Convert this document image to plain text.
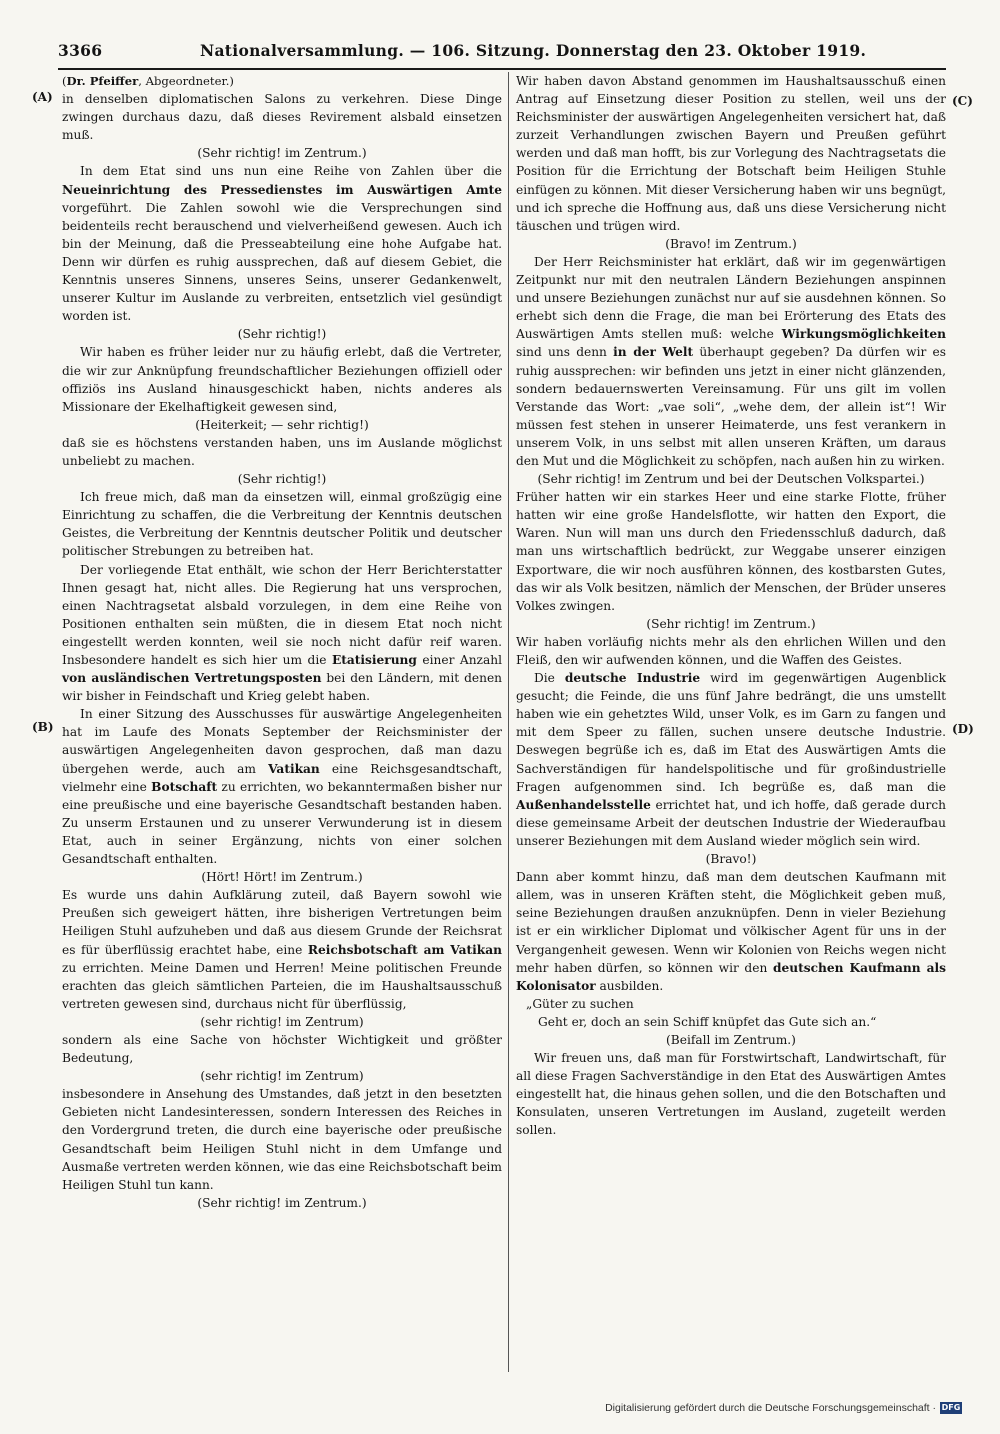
3366	Nationalversammlung. — 106. Sitzung. Donnerstag den 23. Oktober 1919.
(A)
(B)
(C)
(D)

(Dr. Pfeiffer, Abgeordneter.)

in denselben diplomatischen Salons zu verkehren. Diese Dinge zwingen durchaus dazu, daß dieses Revirement alsbald einsetzen muß.

(Sehr richtig! im Zentrum.)

In dem Etat sind uns nun eine Reihe von Zahlen über die Neueinrichtung des Pressedienstes im Auswärtigen Amte vorgeführt. Die Zahlen sowohl wie die Versprechungen sind beidenteils recht berauschend und vielverheißend gewesen. Auch ich bin der Meinung, daß die Presseabteilung eine hohe Aufgabe hat. Denn wir dürfen es ruhig aussprechen, daß auf diesem Gebiet, die Kenntnis unseres Sinnens, unseres Seins, unserer Gedankenwelt, unserer Kultur im Auslande zu verbreiten, entsetzlich viel gesündigt worden ist.

(Sehr richtig!)

Wir haben es früher leider nur zu häufig erlebt, daß die Vertreter, die wir zur Anknüpfung freundschaftlicher Beziehungen offiziell oder offiziös ins Ausland hinausgeschickt haben, nichts anderes als Missionare der Ekelhaftigkeit gewesen sind,

(Heiterkeit; — sehr richtig!)

daß sie es höchstens verstanden haben, uns im Auslande möglichst unbeliebt zu machen.

(Sehr richtig!)

Ich freue mich, daß man da einsetzen will, einmal großzügig eine Einrichtung zu schaffen, die die Verbreitung der Kenntnis deutschen Geistes, die Verbreitung der Kenntnis deutscher Politik und deutscher politischer Strebungen zu betreiben hat.

Der vorliegende Etat enthält, wie schon der Herr Berichterstatter Ihnen gesagt hat, nicht alles. Die Regierung hat uns versprochen, einen Nachtragsetat alsbald vorzulegen, in dem eine Reihe von Positionen enthalten sein müßten, die in diesem Etat noch nicht eingestellt werden konnten, weil sie noch nicht dafür reif waren. Insbesondere handelt es sich hier um die Etatisierung einer Anzahl von ausländischen Vertretungsposten bei den Ländern, mit denen wir bisher in Feindschaft und Krieg gelebt haben.

In einer Sitzung des Ausschusses für auswärtige Angelegenheiten hat im Laufe des Monats September der Reichsminister der auswärtigen Angelegenheiten davon gesprochen, daß man dazu übergehen werde, auch am Vatikan eine Reichsgesandtschaft, vielmehr eine Botschaft zu errichten, wo bekanntermaßen bisher nur eine preußische und eine bayerische Gesandtschaft bestanden haben. Zu unserm Erstaunen und zu unserer Verwunderung ist in diesem Etat, auch in seiner Ergänzung, nichts von einer solchen Gesandtschaft enthalten.

(Hört! Hört! im Zentrum.)

Es wurde uns dahin Aufklärung zuteil, daß Bayern sowohl wie Preußen sich geweigert hätten, ihre bisherigen Vertretungen beim Heiligen Stuhl aufzuheben und daß aus diesem Grunde der Reichsrat es für überflüssig erachtet habe, eine Reichsbotschaft am Vatikan zu errichten. Meine Damen und Herren! Meine politischen Freunde erachten das gleich sämtlichen Parteien, die im Haushaltsausschuß vertreten gewesen sind, durchaus nicht für überflüssig,

(sehr richtig! im Zentrum)

sondern als eine Sache von höchster Wichtigkeit und größter Bedeutung,

(sehr richtig! im Zentrum)

insbesondere in Ansehung des Umstandes, daß jetzt in den besetzten Gebieten nicht Landesinteressen, sondern Interessen des Reiches in den Vordergrund treten, die durch eine bayerische oder preußische Gesandtschaft beim Heiligen Stuhl nicht in dem Umfange und Ausmaße vertreten werden können, wie das eine Reichsbotschaft beim Heiligen Stuhl tun kann.

(Sehr richtig! im Zentrum.)

Wir haben davon Abstand genommen im Haushaltsausschuß einen Antrag auf Einsetzung dieser Position zu stellen, weil uns der Reichsminister der auswärtigen Angelegenheiten versichert hat, daß zurzeit Verhandlungen zwischen Bayern und Preußen geführt werden und daß man hofft, bis zur Vorlegung des Nachtragsetats die Position für die Errichtung der Botschaft beim Heiligen Stuhle einfügen zu können. Mit dieser Versicherung haben wir uns begnügt, und ich spreche die Hoffnung aus, daß uns diese Versicherung nicht täuschen und trügen wird.

(Bravo! im Zentrum.)

Der Herr Reichsminister hat erklärt, daß wir im gegenwärtigen Zeitpunkt nur mit den neutralen Ländern Beziehungen anspinnen und unsere Beziehungen zunächst nur auf sie ausdehnen können. So erhebt sich denn die Frage, die man bei Erörterung des Etats des Auswärtigen Amts stellen muß: welche Wirkungsmöglichkeiten sind uns denn in der Welt überhaupt gegeben? Da dürfen wir es ruhig aussprechen: wir befinden uns jetzt in einer nicht glänzenden, sondern bedauernswerten Vereinsamung. Für uns gilt im vollen Verstande das Wort: „vae soli“, „wehe dem, der allein ist“! Wir müssen fest stehen in unserer Heimaterde, uns fest verankern in unserem Volk, in uns selbst mit allen unseren Kräften, um daraus den Mut und die Möglichkeit zu schöpfen, nach außen hin zu wirken.

(Sehr richtig! im Zentrum und bei der Deutschen Volkspartei.)

Früher hatten wir ein starkes Heer und eine starke Flotte, früher hatten wir eine große Handelsflotte, wir hatten den Export, die Waren. Nun will man uns durch den Friedensschluß dadurch, daß man uns wirtschaftlich bedrückt, zur Weggabe unserer einzigen Exportware, die wir noch ausführen können, des kostbarsten Gutes, das wir als Volk besitzen, nämlich der Menschen, der Brüder unseres Volkes zwingen.

(Sehr richtig! im Zentrum.)

Wir haben vorläufig nichts mehr als den ehrlichen Willen und den Fleiß, den wir aufwenden können, und die Waffen des Geistes.

Die deutsche Industrie wird im gegenwärtigen Augenblick gesucht; die Feinde, die uns fünf Jahre bedrängt, die uns umstellt haben wie ein gehetztes Wild, unser Volk, es im Garn zu fangen und mit dem Speer zu fällen, suchen unsere deutsche Industrie. Deswegen begrüße ich es, daß im Etat des Auswärtigen Amts die Sachverständigen für handelspolitische und für großindustrielle Fragen aufgenommen sind. Ich begrüße es, daß man die Außenhandelsstelle errichtet hat, und ich hoffe, daß gerade durch diese gemeinsame Arbeit der deutschen Industrie der Wiederaufbau unserer Beziehungen mit dem Ausland wieder möglich sein wird.

(Bravo!)

Dann aber kommt hinzu, daß man dem deutschen Kaufmann mit allem, was in unseren Kräften steht, die Möglichkeit geben muß, seine Beziehungen draußen anzuknüpfen. Denn in vieler Beziehung ist er ein wirklicher Diplomat und völkischer Agent für uns in der Vergangenheit gewesen. Wenn wir Kolonien von Reichs wegen nicht mehr haben dürfen, so können wir den deutschen Kaufmann als Kolonisator ausbilden.

„Güter zu suchen

Geht er, doch an sein Schiff knüpfet das Gute sich an.“

(Beifall im Zentrum.)

Wir freuen uns, daß man für Forstwirtschaft, Landwirtschaft, für all diese Fragen Sachverständige in den Etat des Auswärtigen Amtes eingestellt hat, die hinaus gehen sollen, und die den Botschaften und Konsulaten, unseren Vertretungen im Ausland, zugeteilt werden sollen.

Digitalisierung gefördert durch die Deutsche Forschungsgemeinschaft · DFG
